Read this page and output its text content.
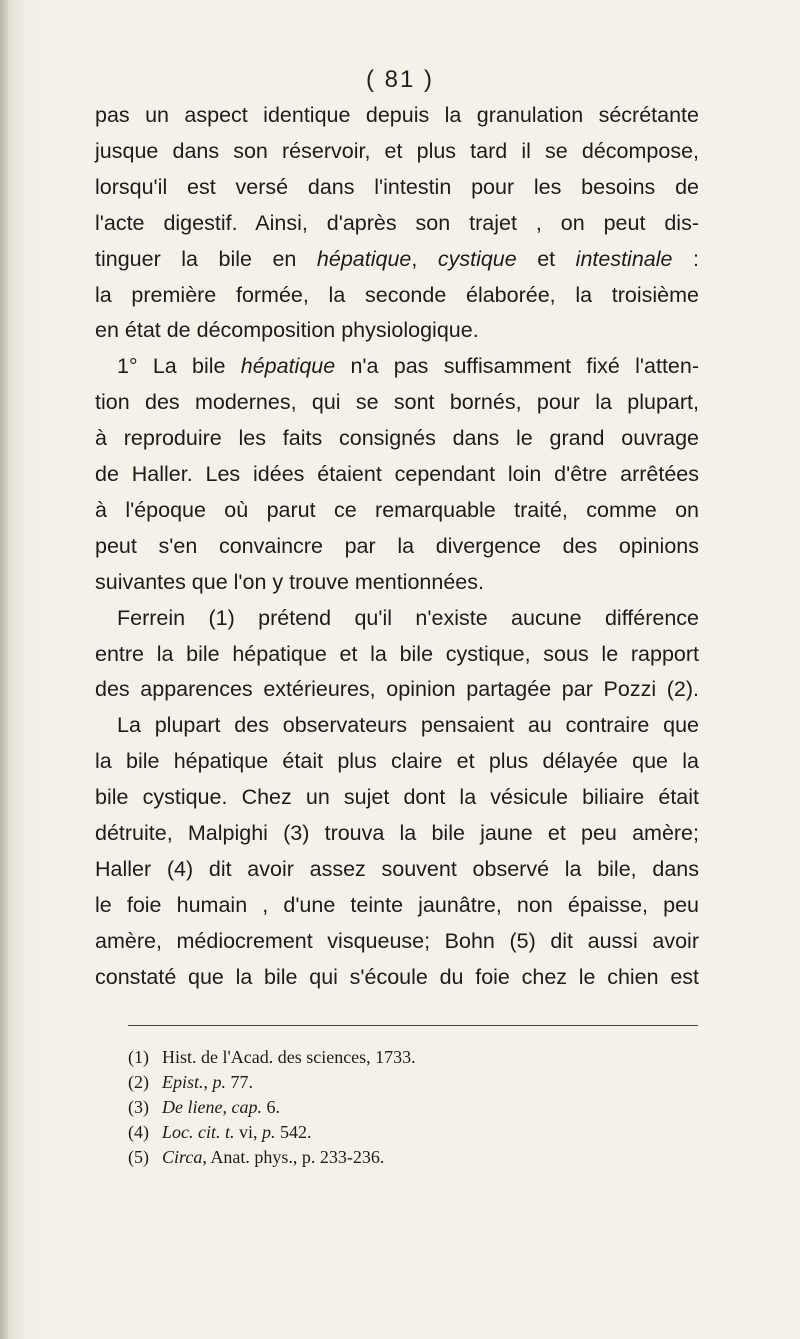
( 81 )
pas un aspect identique depuis la granulation sécrétante
jusque dans son réservoir, et plus tard il se décompose,
lorsqu'il est versé dans l'intestin pour les besoins de
l'acte digestif. Ainsi, d'après son trajet , on peut dis-
tinguer la bile en hépatique, cystique et intestinale :
la première formée, la seconde élaborée, la troisième
en état de décomposition physiologique.
1° La bile hépatique n'a pas suffisamment fixé l'atten-
tion des modernes, qui se sont bornés, pour la plupart,
à reproduire les faits consignés dans le grand ouvrage
de Haller. Les idées étaient cependant loin d'être arrêtées
à l'époque où parut ce remarquable traité, comme on
peut s'en convaincre par la divergence des opinions
suivantes que l'on y trouve mentionnées.
Ferrein (1) prétend qu'il n'existe aucune différence
entre la bile hépatique et la bile cystique, sous le rapport
des apparences extérieures, opinion partagée par Pozzi (2).
La plupart des observateurs pensaient au contraire que
la bile hépatique était plus claire et plus délayée que la
bile cystique. Chez un sujet dont la vésicule biliaire était
détruite, Malpighi (3) trouva la bile jaune et peu amère;
Haller (4) dit avoir assez souvent observé la bile, dans
le foie humain , d'une teinte jaunâtre, non épaisse, peu
amère, médiocrement visqueuse; Bohn (5) dit aussi avoir
constaté que la bile qui s'écoule du foie chez le chien est
(1) Hist. de l'Acad. des sciences, 1733.
(2) Epist., p. 77.
(3) De liene, cap. 6.
(4) Loc. cit. t. vi, p. 542.
(5) Circa, Anat. phys., p. 233-236.
